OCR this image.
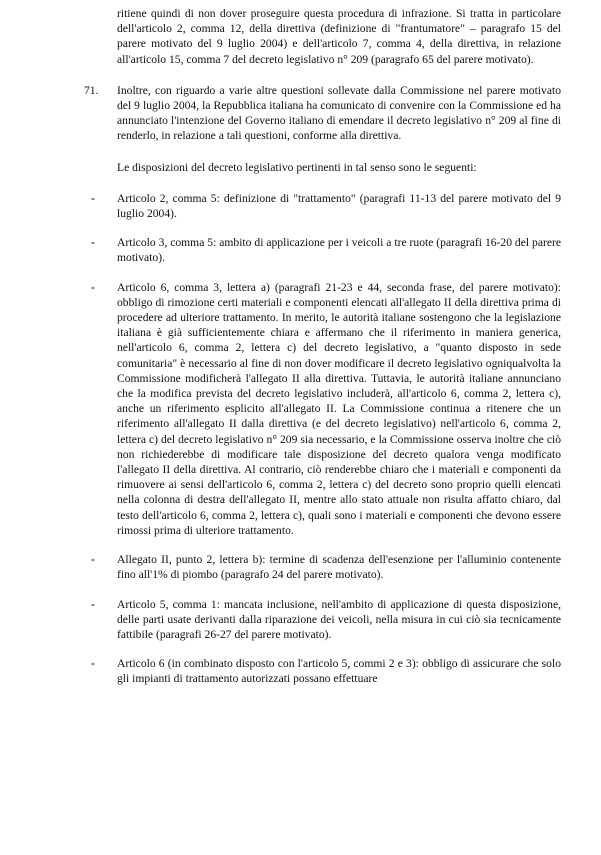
ritiene quindi di non dover proseguire questa procedura di infrazione. Si tratta in particolare dell'articolo 2, comma 12, della direttiva (definizione di "frantumatore" – paragrafo 15 del parere motivato del 9 luglio 2004) e dell'articolo 7, comma 4, della direttiva, in relazione all'articolo 15, comma 7 del decreto legislativo n° 209 (paragrafo 65 del parere motivato).

71. Inoltre, con riguardo a varie altre questioni sollevate dalla Commissione nel parere motivato del 9 luglio 2004, la Repubblica italiana ha comunicato di convenire con la Commissione ed ha annunciato l'intenzione del Governo italiano di emendare il decreto legislativo n° 209 al fine di renderlo, in relazione a tali questioni, conforme alla direttiva.

Le disposizioni del decreto legislativo pertinenti in tal senso sono le seguenti:

- Articolo 2, comma 5: definizione di "trattamento" (paragrafi 11-13 del parere motivato del 9 luglio 2004).

- Articolo 3, comma 5: ambito di applicazione per i veicoli a tre ruote (paragrafi 16-20 del parere motivato).

- Articolo 6, comma 3, lettera a) (paragrafi 21-23 e 44, seconda frase, del parere motivato): obbligo di rimozione certi materiali e componenti elencati all'allegato II della direttiva prima di procedere ad ulteriore trattamento. In merito, le autorità italiane sostengono che la legislazione italiana è già sufficientemente chiara e affermano che il riferimento in maniera generica, nell'articolo 6, comma 2, lettera c) del decreto legislativo, a "quanto disposto in sede comunitaria" è necessario al fine di non dover modificare il decreto legislativo ogniqualvolta la Commissione modificherà l'allegato II alla direttiva. Tuttavia, le autorità italiane annunciano che la modifica prevista del decreto legislativo includerà, all'articolo 6, comma 2, lettera c), anche un riferimento esplicito all'allegato II. La Commissione continua a ritenere che un riferimento all'allegato II dalla direttiva (e del decreto legislativo) nell'articolo 6, comma 2, lettera c) del decreto legislativo n° 209 sia necessario, e la Commissione osserva inoltre che ciò non richiederebbe di modificare tale disposizione del decreto qualora venga modificato l'allegato II della direttiva. Al contrario, ciò renderebbe chiaro che i materiali e componenti da rimuovere ai sensi dell'articolo 6, comma 2, lettera c) del decreto sono proprio quelli elencati nella colonna di destra dell'allegato II, mentre allo stato attuale non risulta affatto chiaro, dal testo dell'articolo 6, comma 2, lettera c), quali sono i materiali e componenti che devono essere rimossi prima di ulteriore trattamento.

- Allegato II, punto 2, lettera b): termine di scadenza dell'esenzione per l'alluminio contenente fino all'1% di piombo (paragrafo 24 del parere motivato).

- Articolo 5, comma 1: mancata inclusione, nell'ambito di applicazione di questa disposizione, delle parti usate derivanti dalla riparazione dei veicoli, nella misura in cui ciò sia tecnicamente fattibile (paragrafi 26-27 del parere motivato).

- Articolo 6 (in combinato disposto con l'articolo 5, commi 2 e 3): obbligo di assicurare che solo gli impianti di trattamento autorizzati possano effettuare
